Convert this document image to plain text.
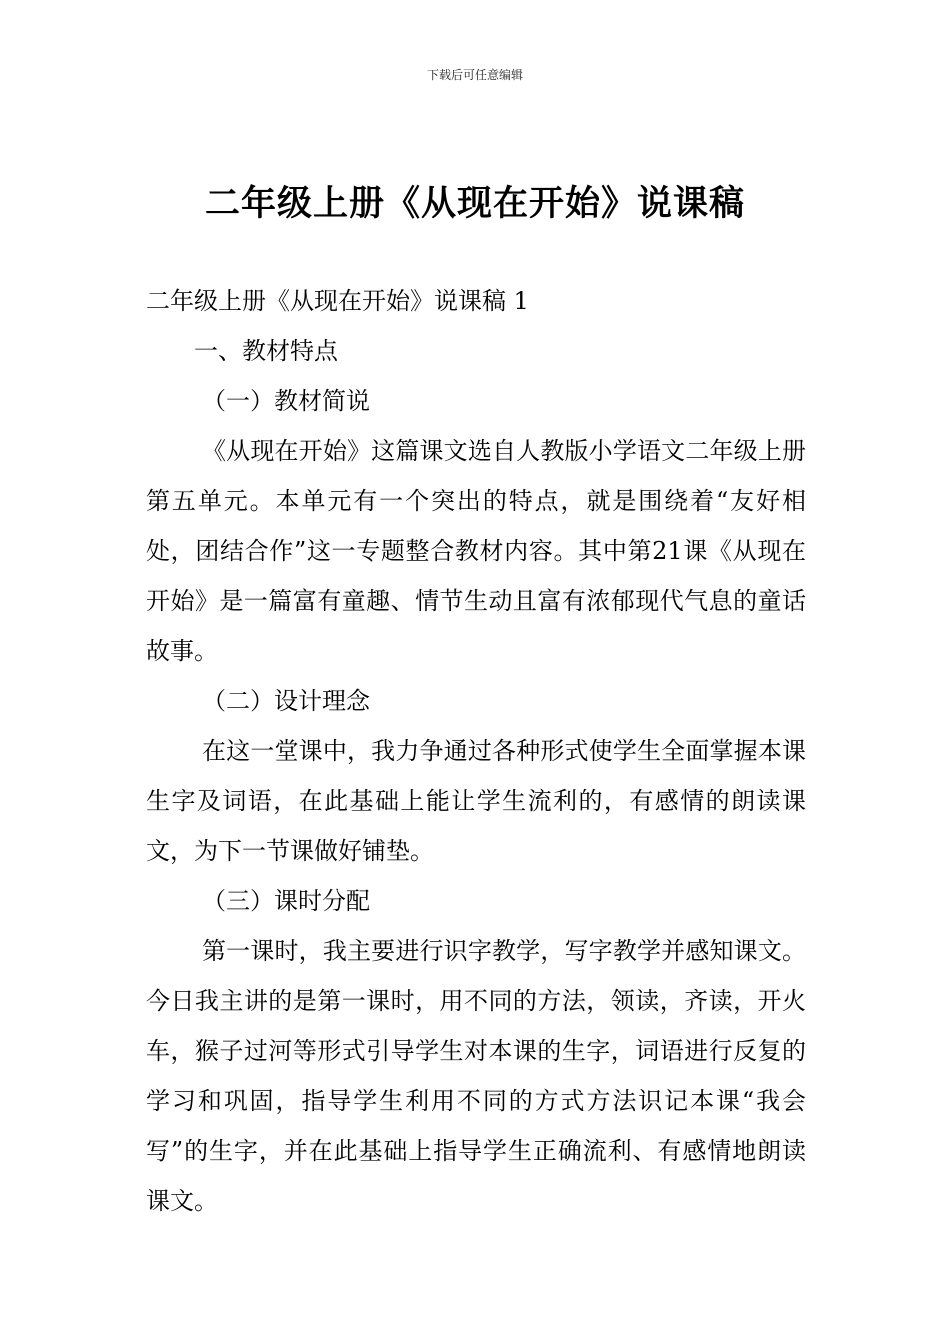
下载后可任意编辑
二年级上册《从现在开始》说课稿

二年级上册《从现在开始》说课稿 1

一、教材特点

（一）教材简说

《从现在开始》这篇课文选自人教版小学语文二年级上册第五单元。本单元有一个突出的特点，就是围绕着“友好相处，团结合作”这一专题整合教材内容。其中第21课《从现在开始》是一篇富有童趣、情节生动且富有浓郁现代气息的童话故事。

（二）设计理念

在这一堂课中，我力争通过各种形式使学生全面掌握本课生字及词语，在此基础上能让学生流利的，有感情的朗读课文，为下一节课做好铺垫。

（三）课时分配

第一课时，我主要进行识字教学，写字教学并感知课文。今日我主讲的是第一课时，用不同的方法，领读，齐读，开火车，猴子过河等形式引导学生对本课的生字，词语进行反复的学习和巩固，指导学生利用不同的方式方法识记本课“我会写”的生字，并在此基础上指导学生正确流利、有感情地朗读课文。
